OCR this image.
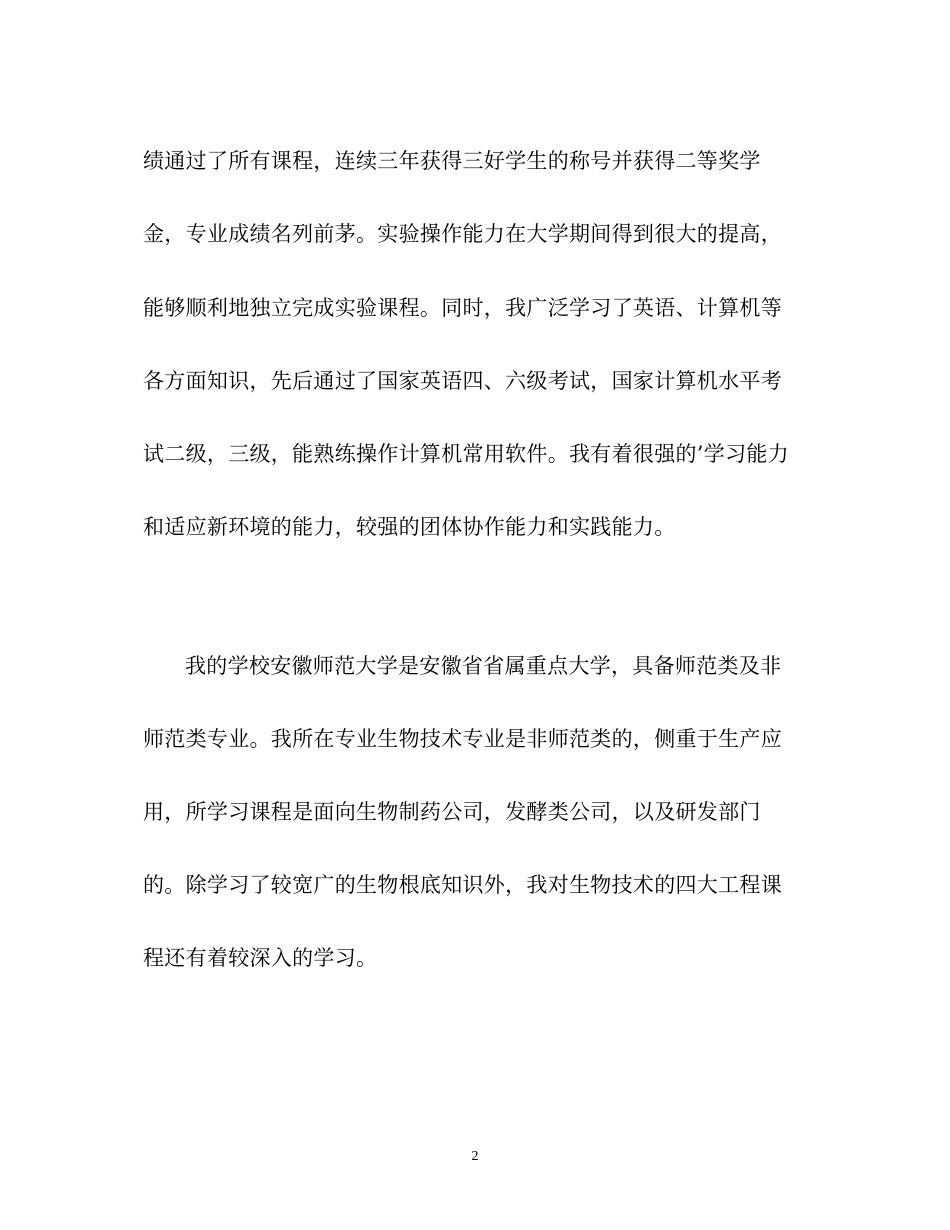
绩通过了所有课程，连续三年获得三好学生的称号并获得二等奖学
金，专业成绩名列前茅。实验操作能力在大学期间得到很大的提高，
能够顺利地独立完成实验课程。同时，我广泛学习了英语、计算机等
各方面知识，先后通过了国家英语四、六级考试，国家计算机水平考
试二级，三级，能熟练操作计算机常用软件。我有着很强的’学习能力
和适应新环境的能力，较强的团体协作能力和实践能力。
我的学校安徽师范大学是安徽省省属重点大学，具备师范类及非
师范类专业。我所在专业生物技术专业是非师范类的，侧重于生产应
用，所学习课程是面向生物制药公司，发酵类公司，以及研发部门
的。除学习了较宽广的生物根底知识外，我对生物技术的四大工程课
程还有着较深入的学习。
2
